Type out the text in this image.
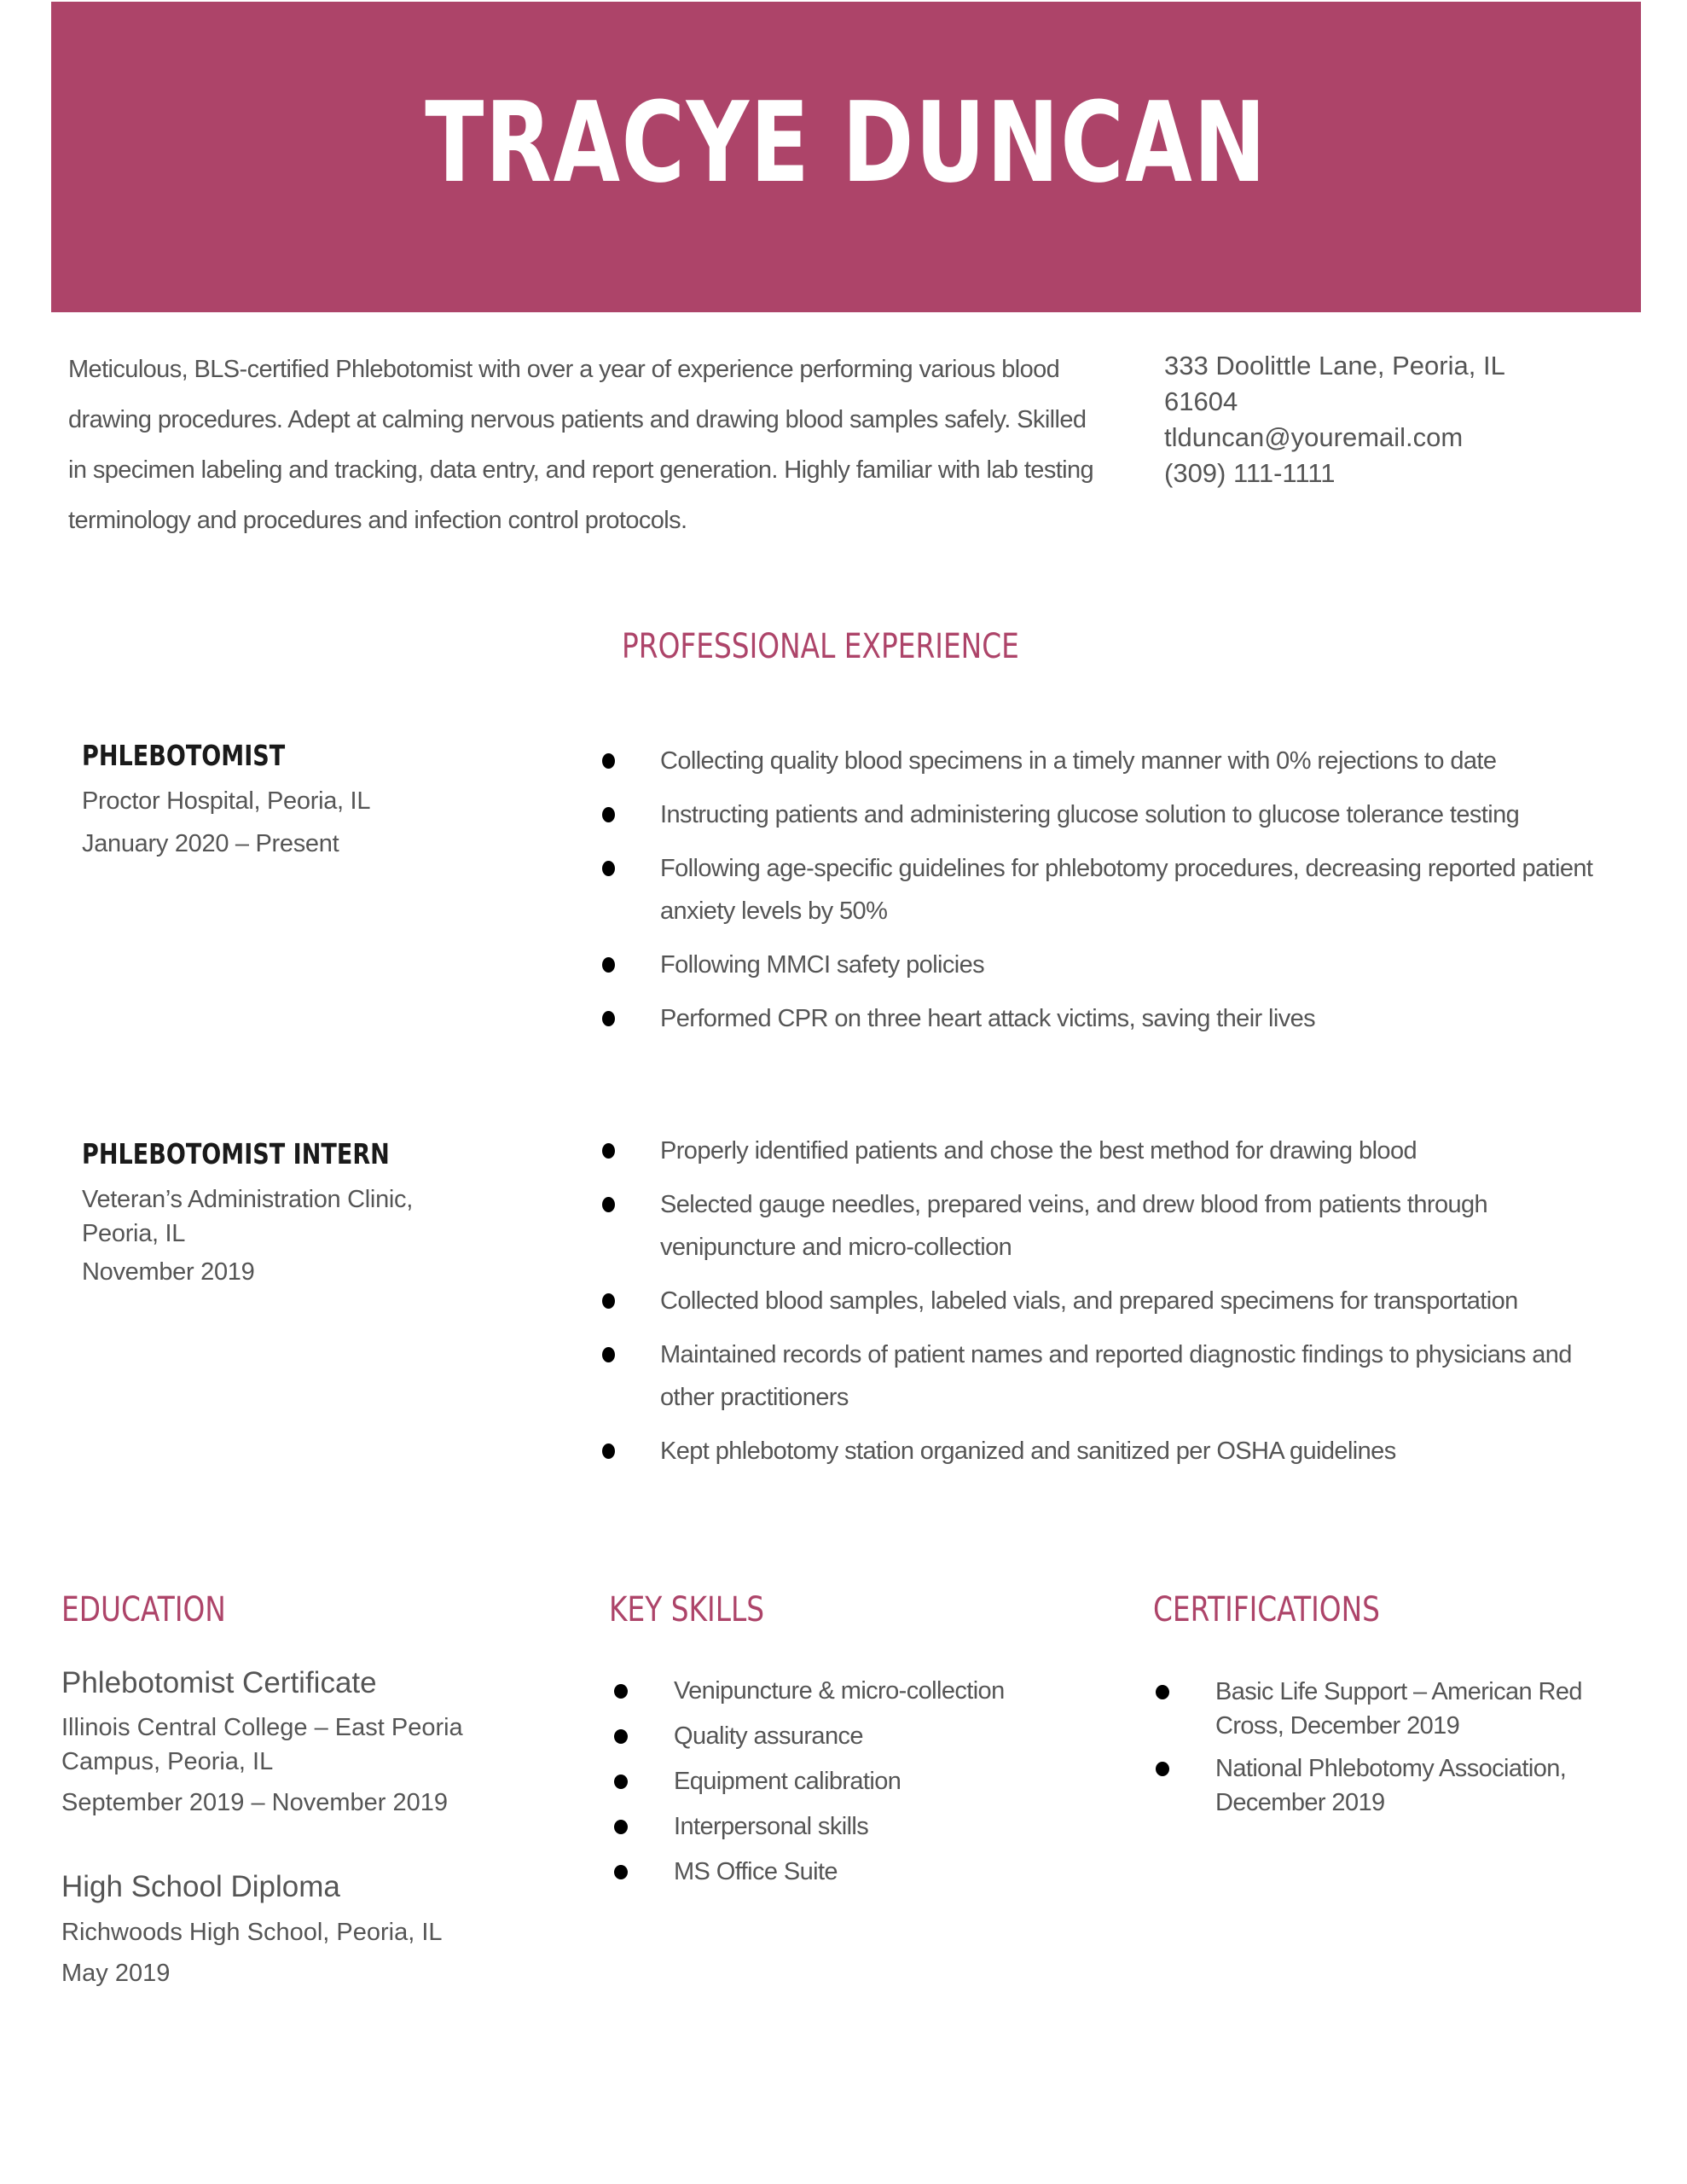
TRACYE DUNCAN
Meticulous, BLS-certified Phlebotomist with over a year of experience performing various blood drawing procedures. Adept at calming nervous patients and drawing blood samples safely. Skilled in specimen labeling and tracking, data entry, and report generation. Highly familiar with lab testing terminology and procedures and infection control protocols.
333 Doolittle Lane, Peoria, IL
61604
tlduncan@youremail.com
(309) 111-1111
PROFESSIONAL EXPERIENCE
PHLEBOTOMIST
Proctor Hospital, Peoria, IL
January 2020 – Present
Collecting quality blood specimens in a timely manner with 0% rejections to date
Instructing patients and administering glucose solution to glucose tolerance testing
Following age-specific guidelines for phlebotomy procedures, decreasing reported patient anxiety levels by 50%
Following MMCI safety policies
Performed CPR on three heart attack victims, saving their lives
PHLEBOTOMIST INTERN
Veteran’s Administration Clinic,
Peoria, IL
November 2019
Properly identified patients and chose the best method for drawing blood
Selected gauge needles, prepared veins, and drew blood from patients through venipuncture and micro-collection
Collected blood samples, labeled vials, and prepared specimens for transportation
Maintained records of patient names and reported diagnostic findings to physicians and other practitioners
Kept phlebotomy station organized and sanitized per OSHA guidelines
EDUCATION
Phlebotomist Certificate
Illinois Central College – East Peoria
Campus, Peoria, IL
September 2019 – November 2019
High School Diploma
Richwoods High School, Peoria, IL
May 2019
KEY SKILLS
Venipuncture & micro-collection
Quality assurance
Equipment calibration
Interpersonal skills
MS Office Suite
CERTIFICATIONS
Basic Life Support – American Red Cross, December 2019
National Phlebotomy Association, December 2019
